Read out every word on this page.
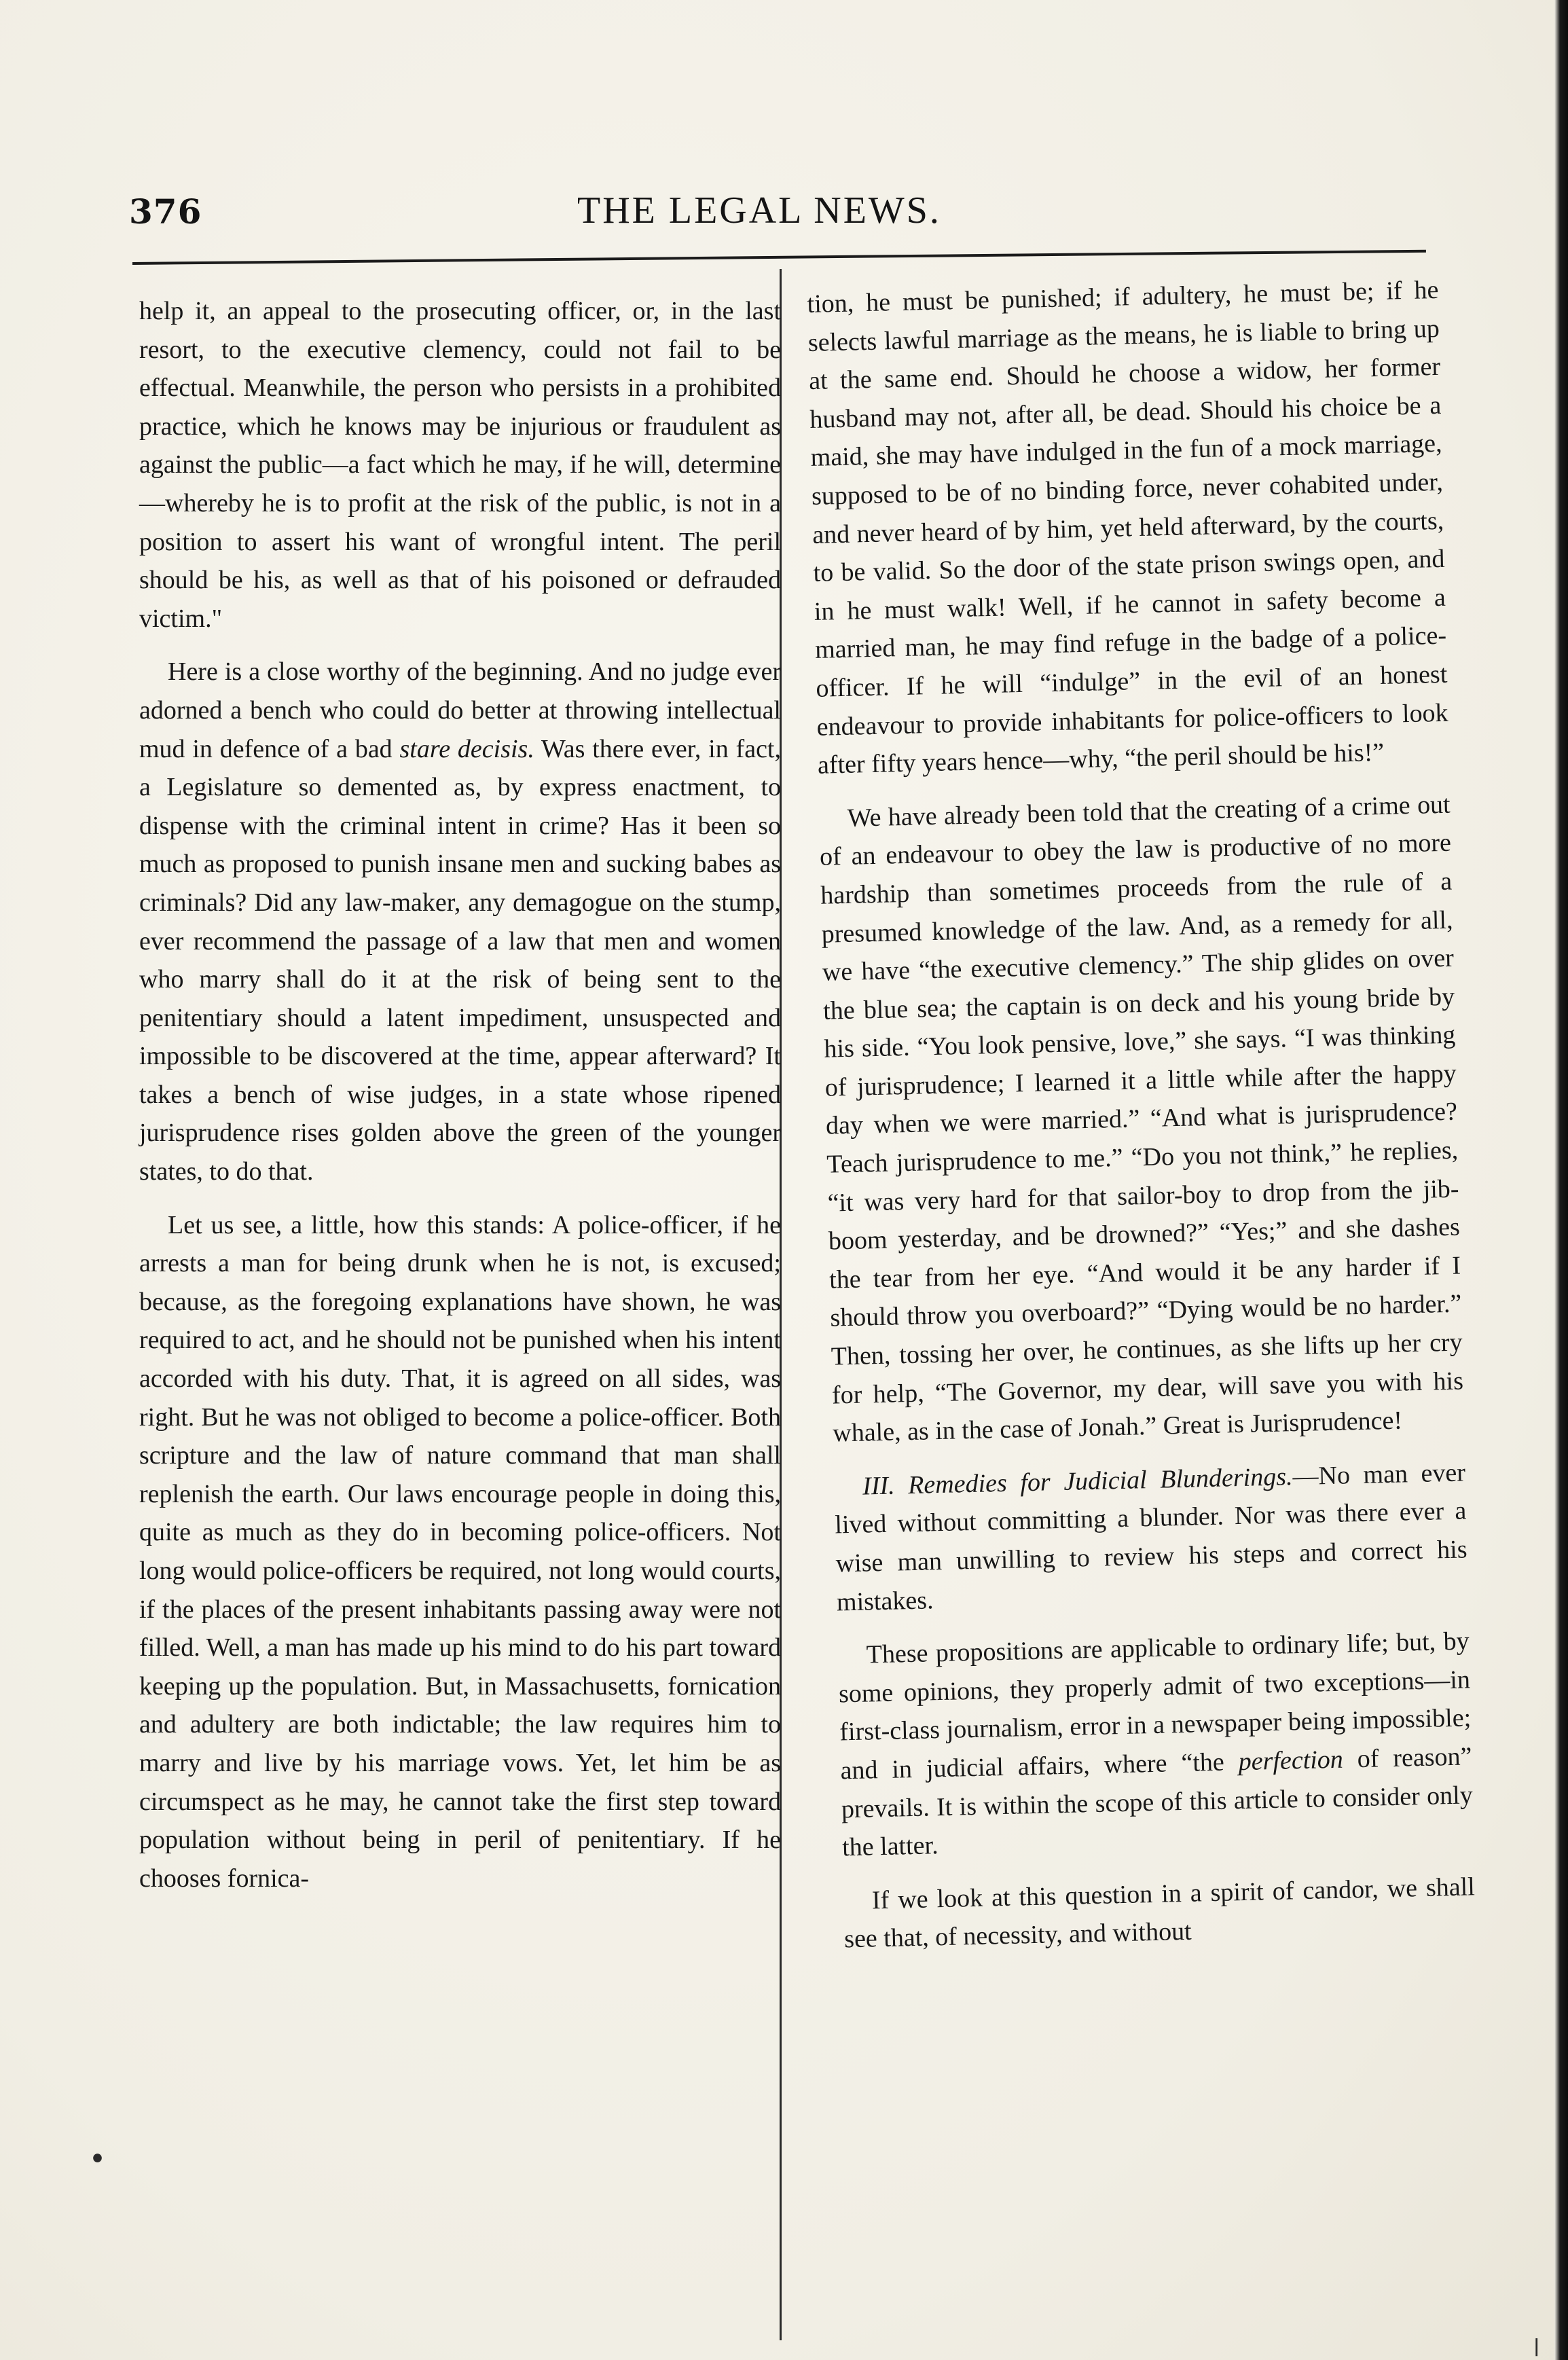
376	THE LEGAL NEWS.

help it, an appeal to the prosecuting officer, or, in the last resort, to the executive clemency, could not fail to be effectual. Meanwhile, the person who persists in a prohibited practice, which he knows may be injurious or fraudulent as against the public—a fact which he may, if he will, determine—whereby he is to profit at the risk of the public, is not in a position to assert his want of wrongful intent. The peril should be his, as well as that of his poisoned or defrauded victim."

Here is a close worthy of the beginning. And no judge ever adorned a bench who could do better at throwing intellectual mud in defence of a bad stare decisis. Was there ever, in fact, a Legislature so demented as, by express enactment, to dispense with the criminal intent in crime? Has it been so much as proposed to punish insane men and sucking babes as criminals? Did any law-maker, any demagogue on the stump, ever recommend the passage of a law that men and women who marry shall do it at the risk of being sent to the penitentiary should a latent impediment, unsuspected and impossible to be discovered at the time, appear afterward? It takes a bench of wise judges, in a state whose ripened jurisprudence rises golden above the green of the younger states, to do that.

Let us see, a little, how this stands: A police-officer, if he arrests a man for being drunk when he is not, is excused; because, as the foregoing explanations have shown, he was required to act, and he should not be punished when his intent accorded with his duty. That, it is agreed on all sides, was right. But he was not obliged to become a police-officer. Both scripture and the law of nature command that man shall replenish the earth. Our laws encourage people in doing this, quite as much as they do in becoming police-officers. Not long would police-officers be required, not long would courts, if the places of the present inhabitants passing away were not filled. Well, a man has made up his mind to do his part toward keeping up the population. But, in Massachusetts, fornication and adultery are both indictable; the law requires him to marry and live by his marriage vows. Yet, let him be as circumspect as he may, he cannot take the first step toward population without being in peril of penitentiary. If he chooses fornica-

tion, he must be punished; if adultery, he must be; if he selects lawful marriage as the means, he is liable to bring up at the same end. Should he choose a widow, her former husband may not, after all, be dead. Should his choice be a maid, she may have indulged in the fun of a mock marriage, supposed to be of no binding force, never cohabited under, and never heard of by him, yet held afterward, by the courts, to be valid. So the door of the state prison swings open, and in he must walk! Well, if he cannot in safety become a married man, he may find refuge in the badge of a police-officer. If he will “indulge” in the evil of an honest endeavour to provide inhabitants for police-officers to look after fifty years hence—why, “the peril should be his!”

We have already been told that the creating of a crime out of an endeavour to obey the law is productive of no more hardship than sometimes proceeds from the rule of a presumed knowledge of the law. And, as a remedy for all, we have “the executive clemency.” The ship glides on over the blue sea; the captain is on deck and his young bride by his side. “You look pensive, love,” she says. “I was thinking of jurisprudence; I learned it a little while after the happy day when we were married.” “And what is jurisprudence? Teach jurisprudence to me.” “Do you not think,” he replies, “it was very hard for that sailor-boy to drop from the jib-boom yesterday, and be drowned?” “Yes;” and she dashes the tear from her eye. “And would it be any harder if I should throw you overboard?” “Dying would be no harder.” Then, tossing her over, he continues, as she lifts up her cry for help, “The Governor, my dear, will save you with his whale, as in the case of Jonah.” Great is Jurisprudence!

III. Remedies for Judicial Blunderings.—No man ever lived without committing a blunder. Nor was there ever a wise man unwilling to review his steps and correct his mistakes.

These propositions are applicable to ordinary life; but, by some opinions, they properly admit of two exceptions—in first-class journalism, error in a newspaper being impossible; and in judicial affairs, where “the perfection of reason” prevails. It is within the scope of this article to consider only the latter.

If we look at this question in a spirit of candor, we shall see that, of necessity, and without

•
|
